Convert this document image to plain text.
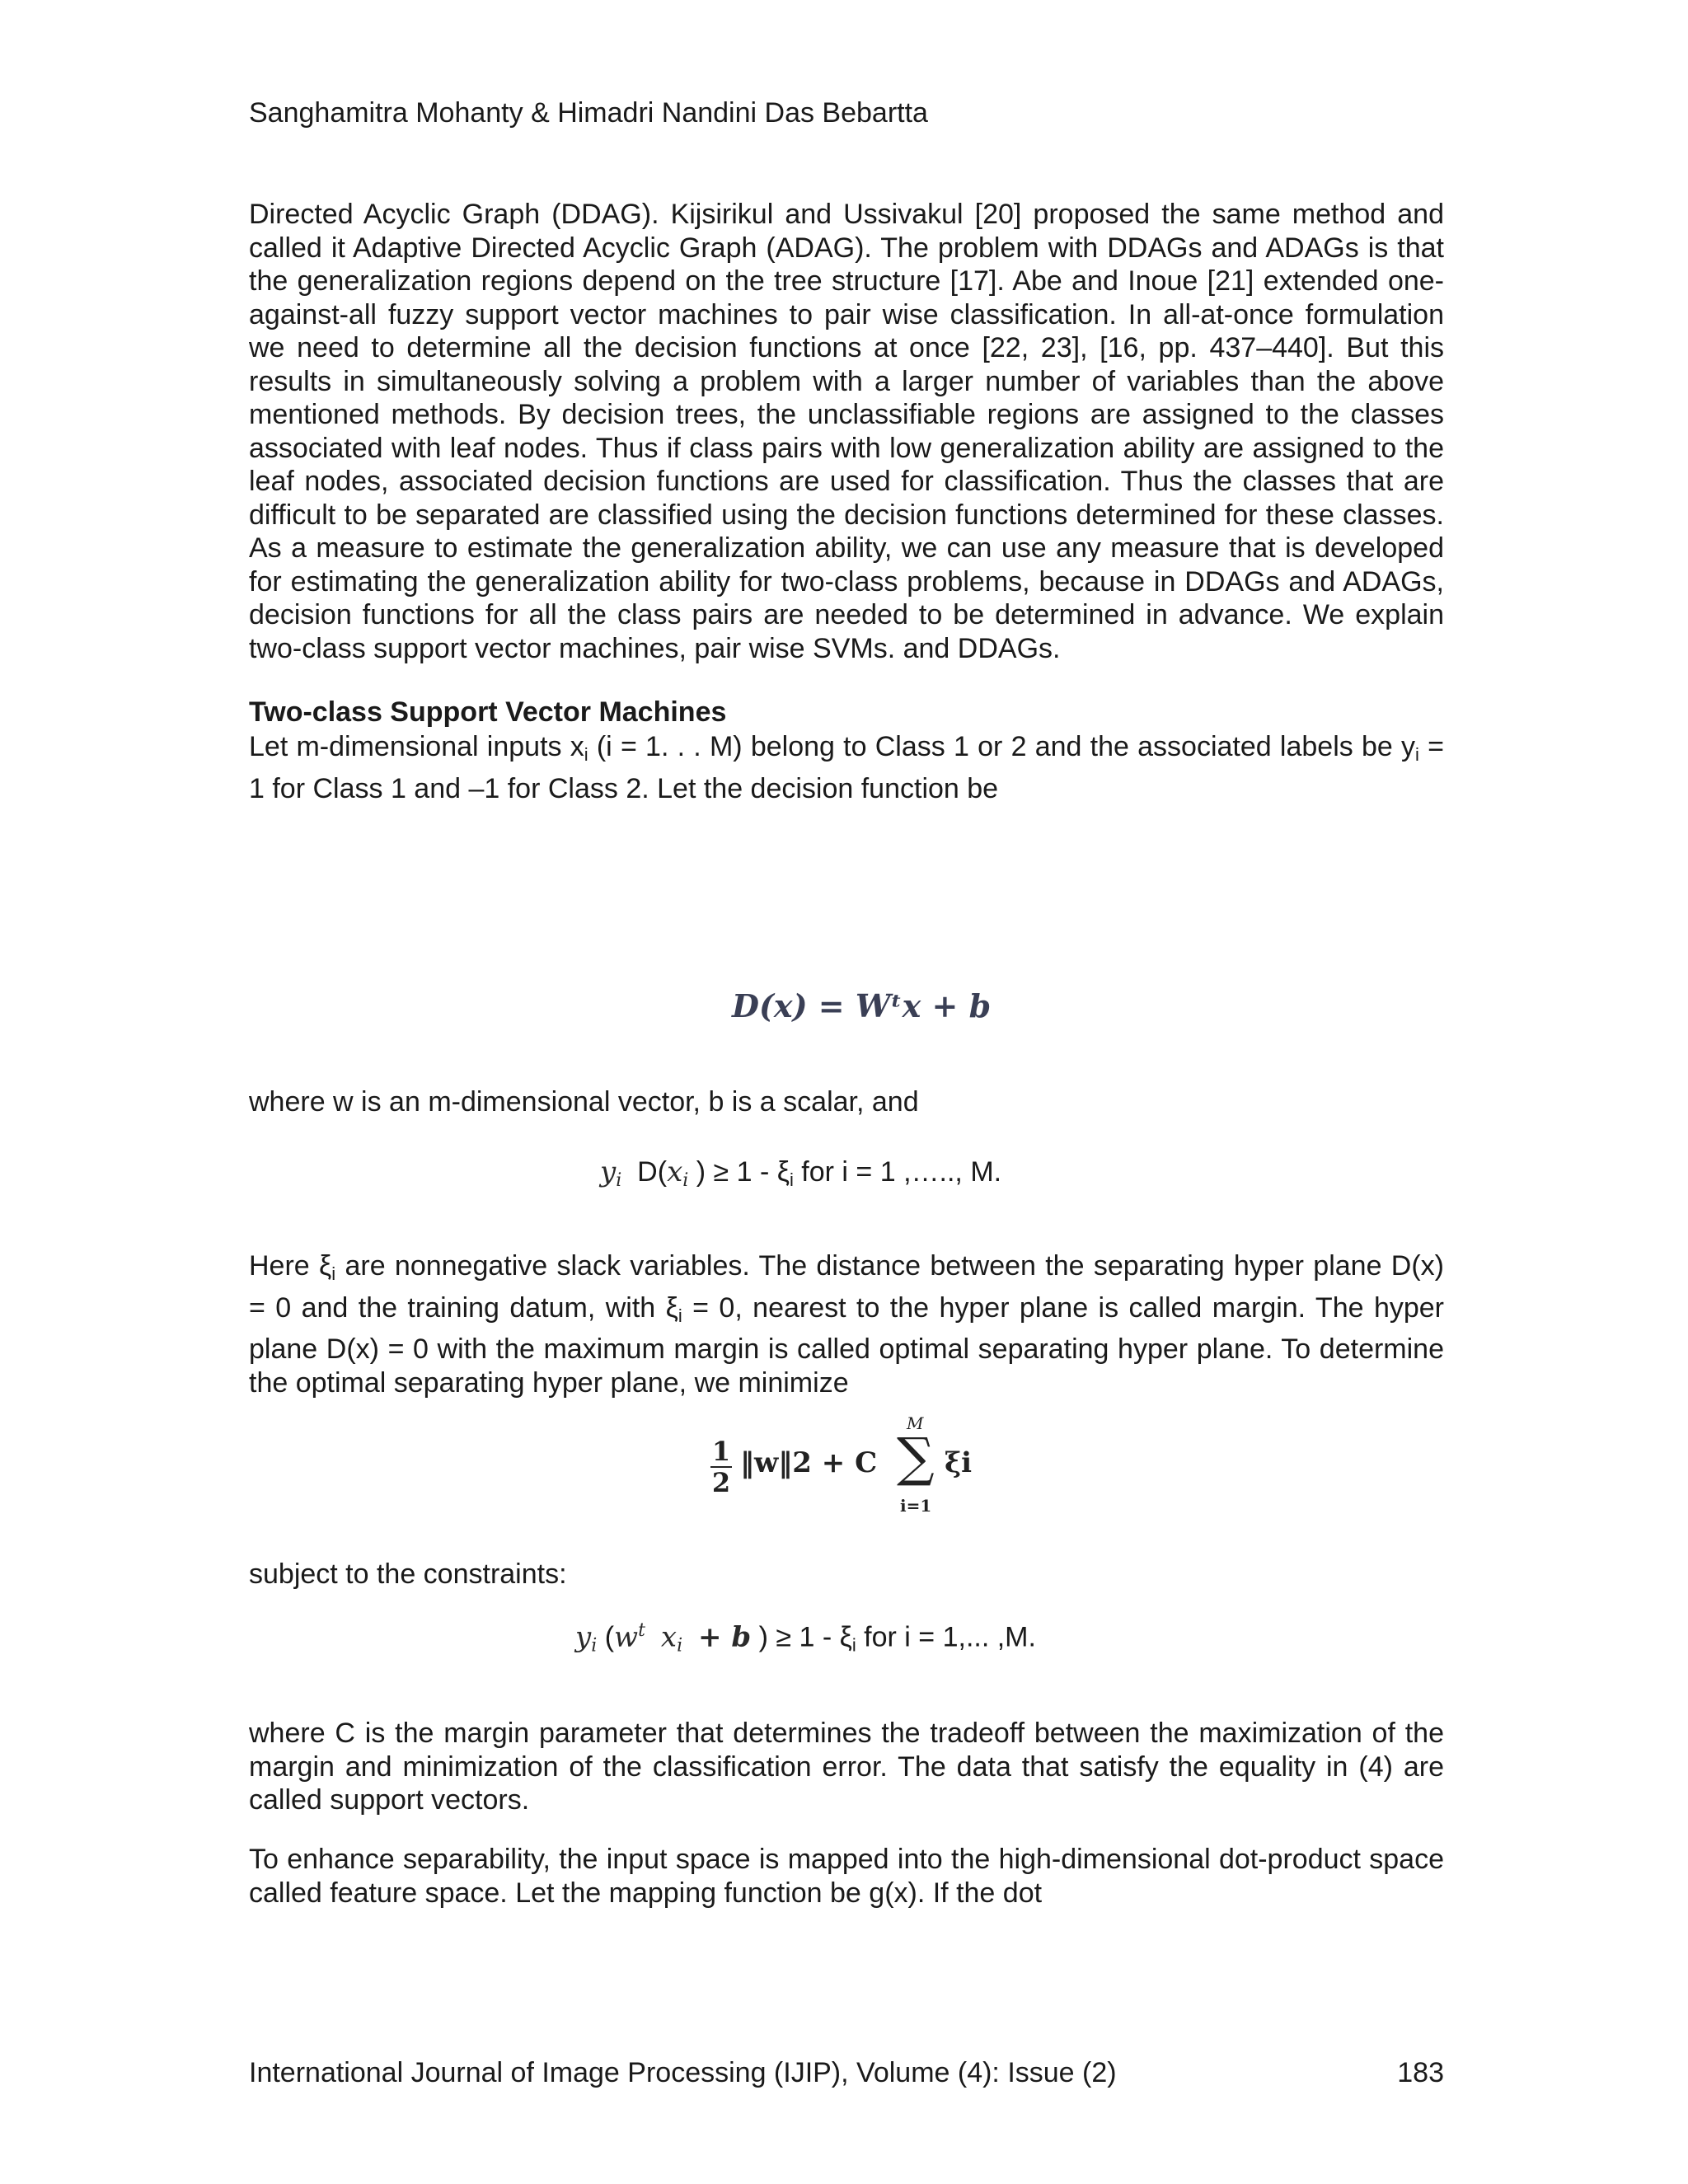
Sanghamitra Mohanty & Himadri Nandini Das Bebartta

Directed Acyclic Graph (DDAG). Kijsirikul and Ussivakul [20] proposed the same method and called it Adaptive Directed Acyclic Graph (ADAG). The problem with DDAGs and ADAGs is that the generalization regions depend on the tree structure [17]. Abe and Inoue [21] extended one-against-all fuzzy support vector machines to pair wise classification. In all-at-once formulation we need to determine all the decision functions at once [22, 23], [16, pp. 437–440]. But this results in simultaneously solving a problem with a larger number of variables than the above mentioned methods. By decision trees, the unclassifiable regions are assigned to the classes associated with leaf nodes. Thus if class pairs with low generalization ability are assigned to the leaf nodes, associated decision functions are used for classification. Thus the classes that are difficult to be separated are classified using the decision functions determined for these classes. As a measure to estimate the generalization ability, we can use any measure that is developed for estimating the generalization ability for two-class problems, because in DDAGs and ADAGs, decision functions for all the class pairs are needed to be determined in advance. We explain two-class support vector machines, pair wise SVMs. and DDAGs.

Two-class Support Vector Machines

Let m-dimensional inputs $x_i$ (i = 1. . . M) belong to Class 1 or 2 and the associated labels be $y_i = 1$ for Class 1 and –1 for Class 2. Let the decision function be

D(x) = Wᵗx + b

where w is an m-dimensional vector, b is a scalar, and

$y_i$ $D(x_i$ ) ≥ $1 - \xi_i$ for i = 1 ,….., M.

Here $\xi_i$ are nonnegative slack variables. The distance between the separating hyper plane D(x) = 0 and the training datum, with $\xi_i = 0$, nearest to the hyper plane is called margin. The hyper plane D(x) = 0 with the maximum margin is called optimal separating hyper plane. To determine the optimal separating hyper plane, we minimize

1
2
‖w‖2 + C
M
∑
i=1
ξi

subject to the constraints:

$y_i$ ($w^t$ $x_i + b$ ) ≥ $1 - \xi_i$ for i = 1,... ,M.

where C is the margin parameter that determines the tradeoff between the maximization of the margin and minimization of the classification error. The data that satisfy the equality in (4) are called support vectors.

To enhance separability, the input space is mapped into the high-dimensional dot-product space called feature space. Let the mapping function be g(x). If the dot

International Journal of Image Processing (IJIP), Volume (4): Issue (2)	183
